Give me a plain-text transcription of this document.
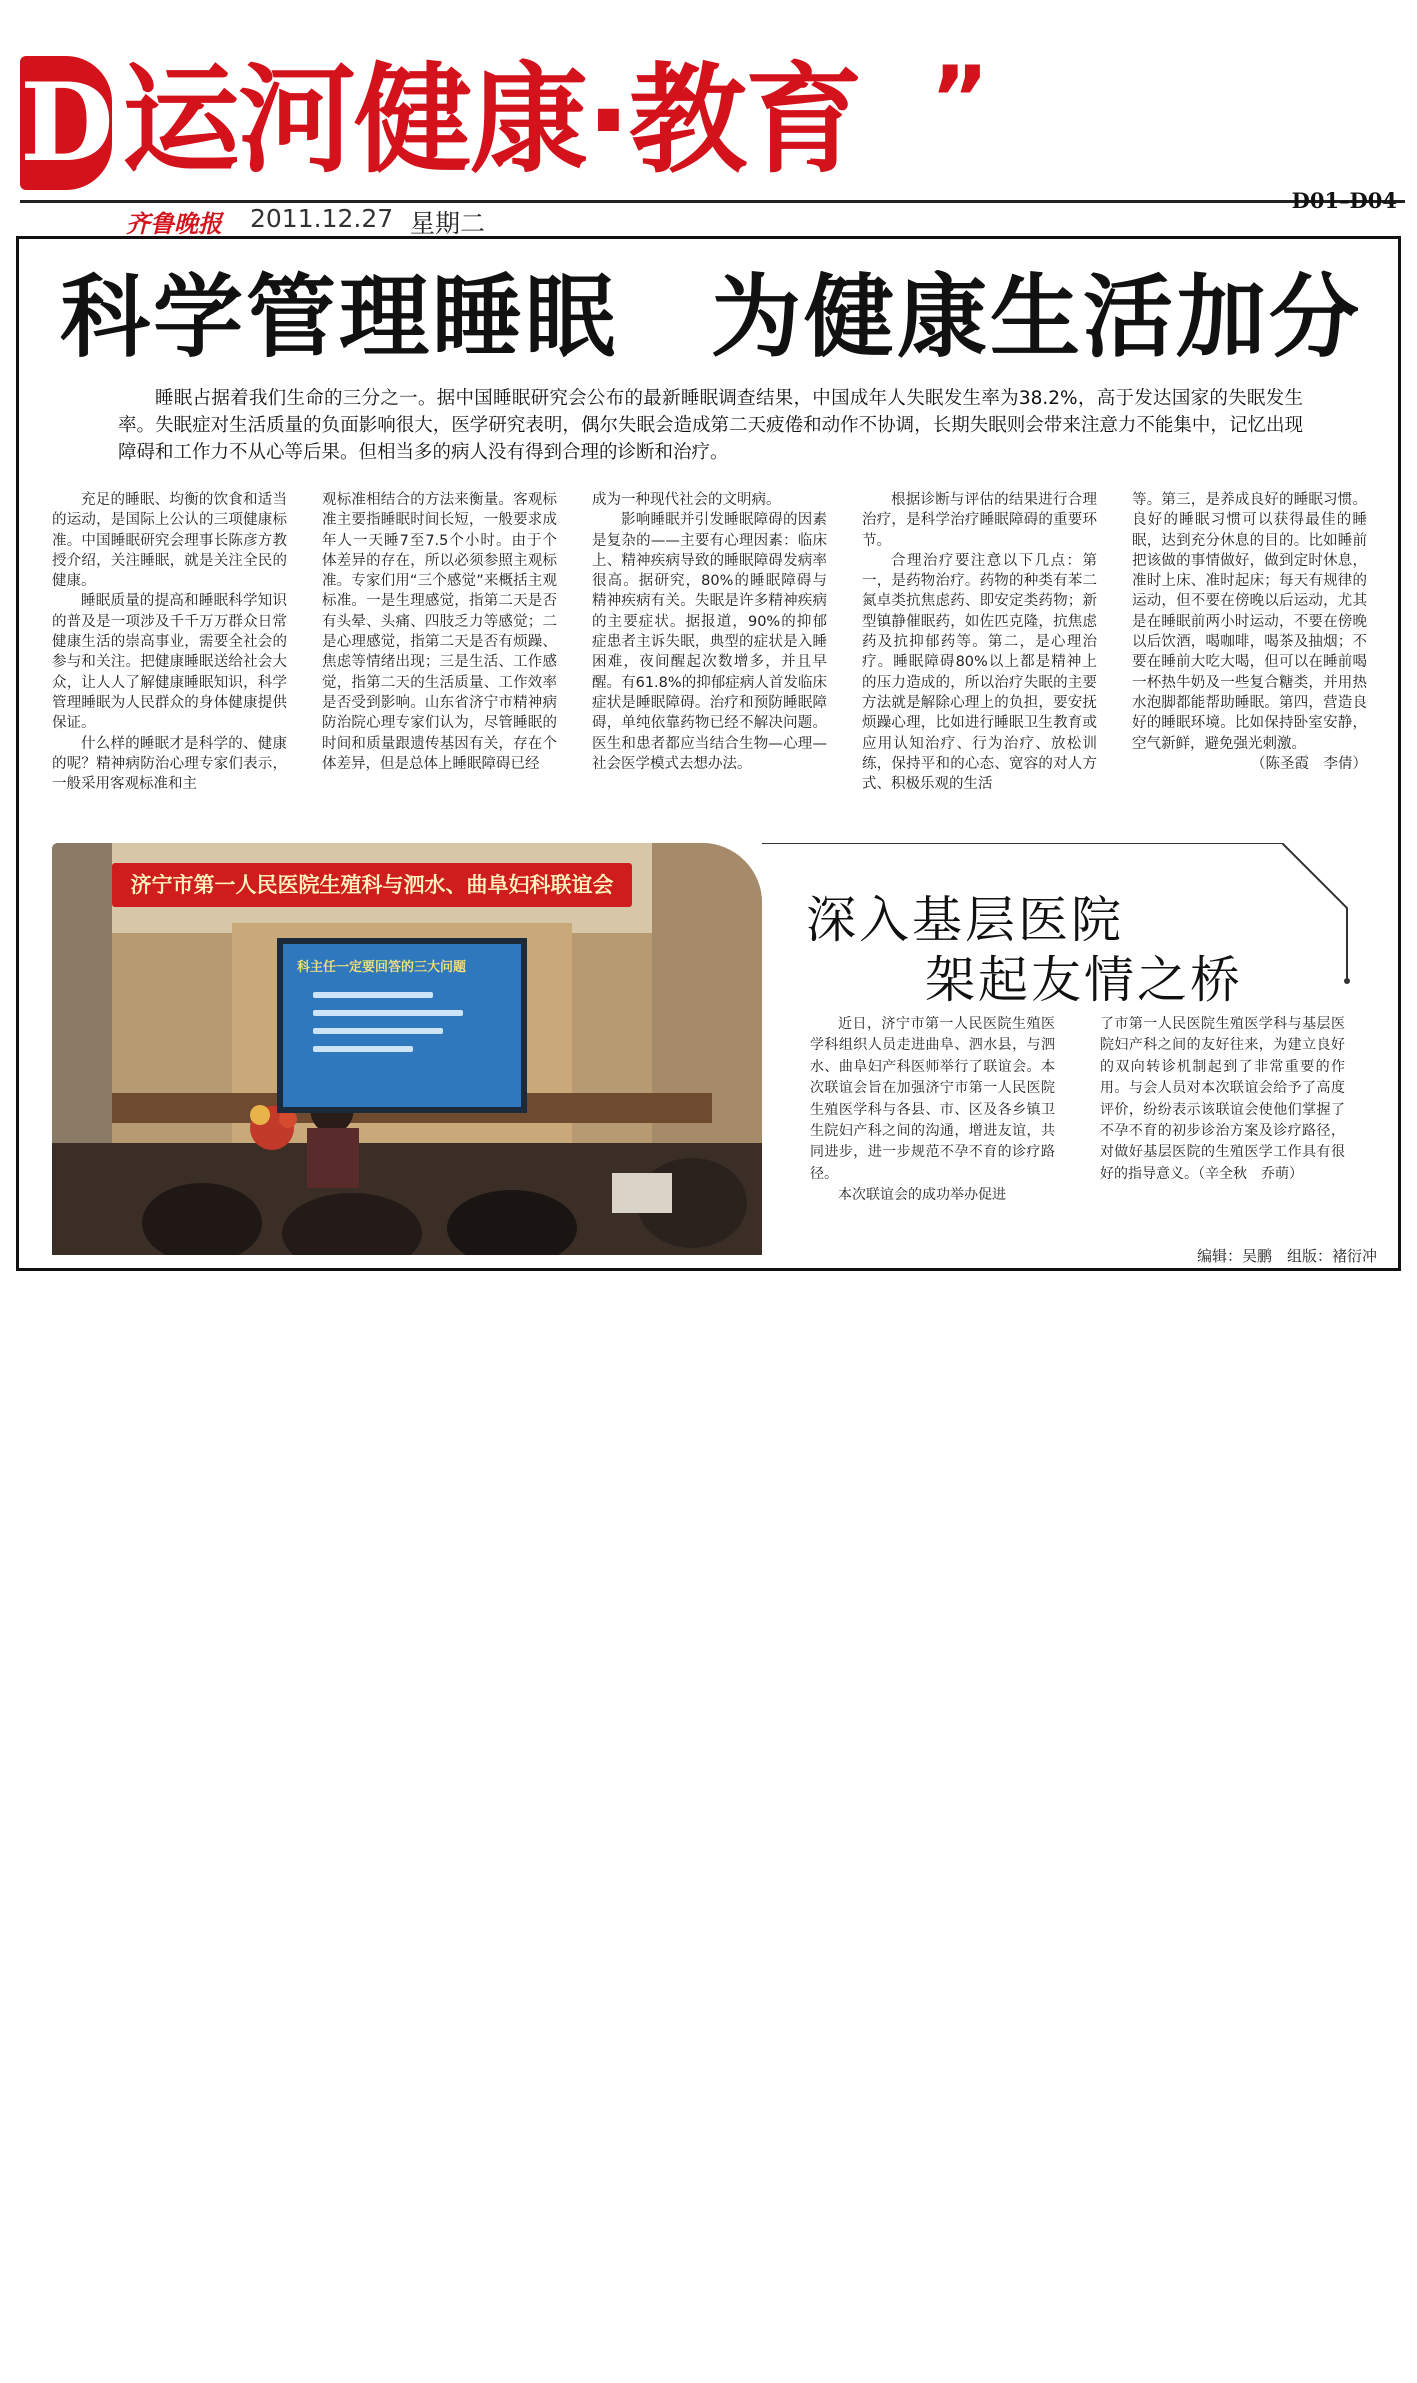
D 运河健康·教育 ”
齐鲁晚报 2011.12.27 星期二
D01–D04
科学管理睡眠　为健康生活加分
睡眠占据着我们生命的三分之一。据中国睡眠研究会公布的最新睡眠调查结果，中国成年人失眠发生率为38.2%，高于发达国家的失眠发生率。失眠症对生活质量的负面影响很大，医学研究表明，偶尔失眠会造成第二天疲倦和动作不协调，长期失眠则会带来注意力不能集中，记忆出现障碍和工作力不从心等后果。但相当多的病人没有得到合理的诊断和治疗。

充足的睡眠、均衡的饮食和适当的运动，是国际上公认的三项健康标准。中国睡眠研究会理事长陈彦方教授介绍，关注睡眠，就是关注全民的健康。

睡眠质量的提高和睡眠科学知识的普及是一项涉及千千万万群众日常健康生活的崇高事业，需要全社会的参与和关注。把健康睡眠送给社会大众，让人人了解健康睡眠知识，科学管理睡眠为人民群众的身体健康提供保证。

什么样的睡眠才是科学的、健康的呢？精神病防治心理专家们表示，一般采用客观标准和主

观标准相结合的方法来衡量。客观标准主要指睡眠时间长短，一般要求成年人一天睡7至7.5个小时。由于个体差异的存在，所以必须参照主观标准。专家们用“三个感觉”来概括主观标准。一是生理感觉，指第二天是否有头晕、头痛、四肢乏力等感觉；二是心理感觉，指第二天是否有烦躁、焦虑等情绪出现；三是生活、工作感觉，指第二天的生活质量、工作效率是否受到影响。山东省济宁市精神病防治院心理专家们认为，尽管睡眠的时间和质量跟遗传基因有关，存在个体差异，但是总体上睡眠障碍已经

成为一种现代社会的文明病。

影响睡眠并引发睡眠障碍的因素是复杂的——主要有心理因素：临床上、精神疾病导致的睡眠障碍发病率很高。据研究，80%的睡眠障碍与精神疾病有关。失眠是许多精神疾病的主要症状。据报道，90%的抑郁症患者主诉失眠，典型的症状是入睡困难，夜间醒起次数增多，并且早醒。有61.8%的抑郁症病人首发临床症状是睡眠障碍。治疗和预防睡眠障碍，单纯依靠药物已经不解决问题。医生和患者都应当结合生物—心理—社会医学模式去想办法。

根据诊断与评估的结果进行合理治疗，是科学治疗睡眠障碍的重要环节。

合理治疗要注意以下几点：第一，是药物治疗。药物的种类有苯二氮卓类抗焦虑药、即安定类药物；新型镇静催眠药，如佐匹克隆，抗焦虑药及抗抑郁药等。第二，是心理治疗。睡眠障碍80%以上都是精神上的压力造成的，所以治疗失眠的主要方法就是解除心理上的负担，要安抚烦躁心理，比如进行睡眠卫生教育或应用认知治疗、行为治疗、放松训练，保持平和的心态、宽容的对人方式、积极乐观的生活

等。第三，是养成良好的睡眠习惯。良好的睡眠习惯可以获得最佳的睡眠，达到充分休息的目的。比如睡前把该做的事情做好，做到定时休息，准时上床、准时起床；每天有规律的运动，但不要在傍晚以后运动，尤其是在睡眠前两小时运动，不要在傍晚以后饮酒，喝咖啡，喝茶及抽烟；不要在睡前大吃大喝，但可以在睡前喝一杯热牛奶及一些复合糖类，并用热水泡脚都能帮助睡眠。第四，营造良好的睡眠环境。比如保持卧室安静，空气新鲜，避免强光刺激。

（陈圣霞　李倩）
济宁市第一人民医院生殖科与泗水、曲阜妇科联谊会
科主任一定要回答的三大问题
深入基层医院
架起友情之桥

近日，济宁市第一人民医院生殖医学科组织人员走进曲阜、泗水县，与泗水、曲阜妇产科医师举行了联谊会。本次联谊会旨在加强济宁市第一人民医院生殖医学科与各县、市、区及各乡镇卫生院妇产科之间的沟通，增进友谊，共同进步，进一步规范不孕不育的诊疗路径。

本次联谊会的成功举办促进

了市第一人民医院生殖医学科与基层医院妇产科之间的友好往来，为建立良好的双向转诊机制起到了非常重要的作用。与会人员对本次联谊会给予了高度评价，纷纷表示该联谊会使他们掌握了不孕不育的初步诊治方案及诊疗路径，对做好基层医院的生殖医学工作具有很好的指导意义。（辛全秋　乔萌）

编辑：吴鹏　组版：褚衍冲
